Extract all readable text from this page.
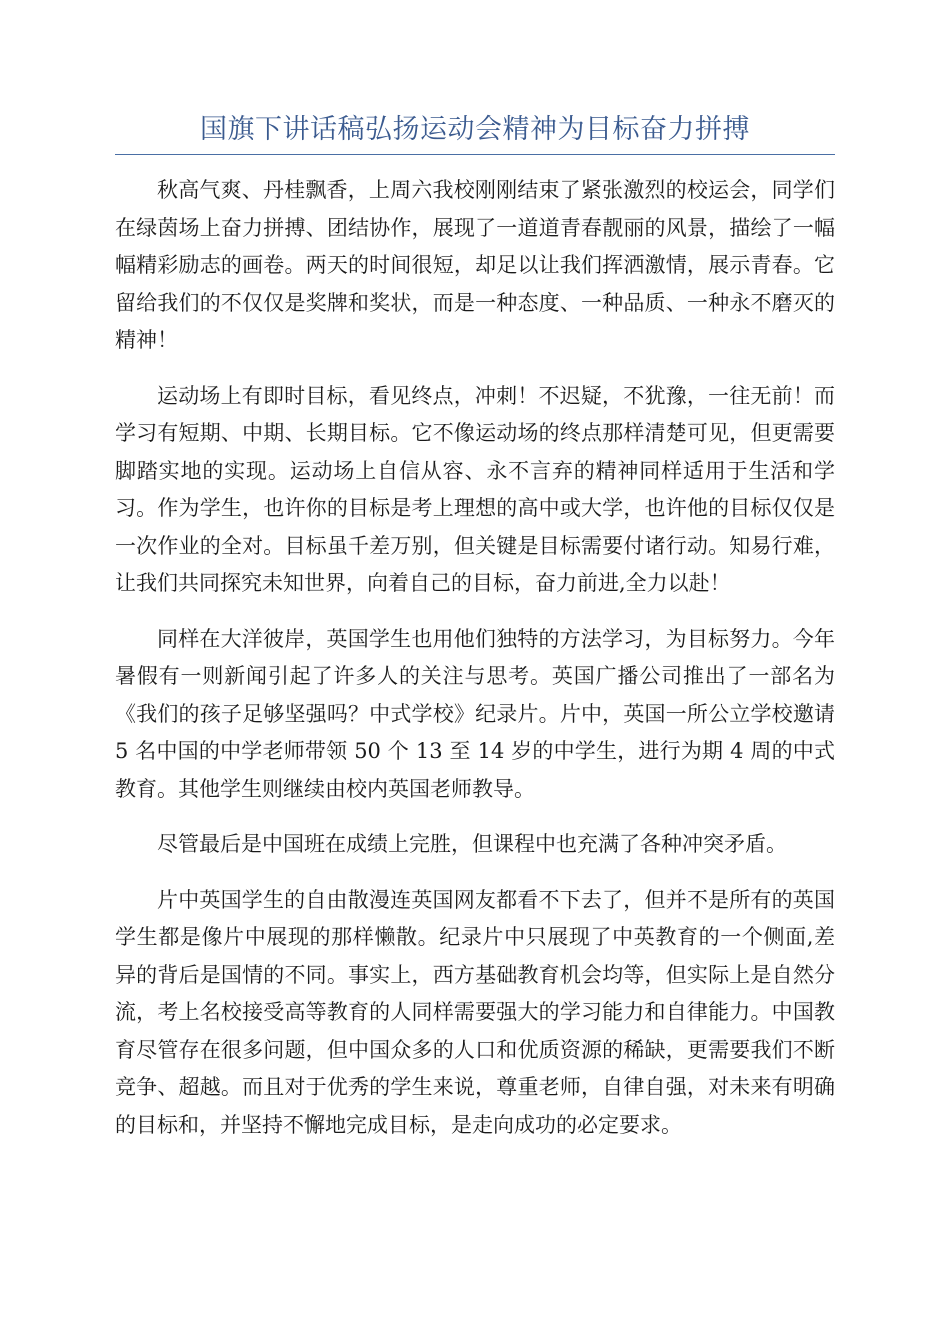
国旗下讲话稿弘扬运动会精神为目标奋力拼搏

秋高气爽、丹桂飘香，上周六我校刚刚结束了紧张激烈的校运会，同学们在绿茵场上奋力拼搏、团结协作，展现了一道道青春靓丽的风景，描绘了一幅幅精彩励志的画卷。两天的时间很短，却足以让我们挥洒激情，展示青春。它留给我们的不仅仅是奖牌和奖状，而是一种态度、一种品质、一种永不磨灭的精神！

运动场上有即时目标，看见终点，冲刺！不迟疑，不犹豫，一往无前！而学习有短期、中期、长期目标。它不像运动场的终点那样清楚可见，但更需要脚踏实地的实现。运动场上自信从容、永不言弃的精神同样适用于生活和学习。作为学生，也许你的目标是考上理想的高中或大学，也许他的目标仅仅是一次作业的全对。目标虽千差万别，但关键是目标需要付诸行动。知易行难，让我们共同探究未知世界，向着自己的目标，奋力前进,全力以赴！

同样在大洋彼岸，英国学生也用他们独特的方法学习，为目标努力。今年暑假有一则新闻引起了许多人的关注与思考。英国广播公司推出了一部名为《我们的孩子足够坚强吗？中式学校》纪录片。片中，英国一所公立学校邀请 5 名中国的中学老师带领 50 个 13 至 14 岁的中学生，进行为期 4 周的中式教育。其他学生则继续由校内英国老师教导。

尽管最后是中国班在成绩上完胜，但课程中也充满了各种冲突矛盾。

片中英国学生的自由散漫连英国网友都看不下去了，但并不是所有的英国学生都是像片中展现的那样懒散。纪录片中只展现了中英教育的一个侧面,差异的背后是国情的不同。事实上，西方基础教育机会均等，但实际上是自然分流，考上名校接受高等教育的人同样需要强大的学习能力和自律能力。中国教育尽管存在很多问题，但中国众多的人口和优质资源的稀缺，更需要我们不断竞争、超越。而且对于优秀的学生来说，尊重老师，自律自强，对未来有明确的目标和，并坚持不懈地完成目标，是走向成功的必定要求。
